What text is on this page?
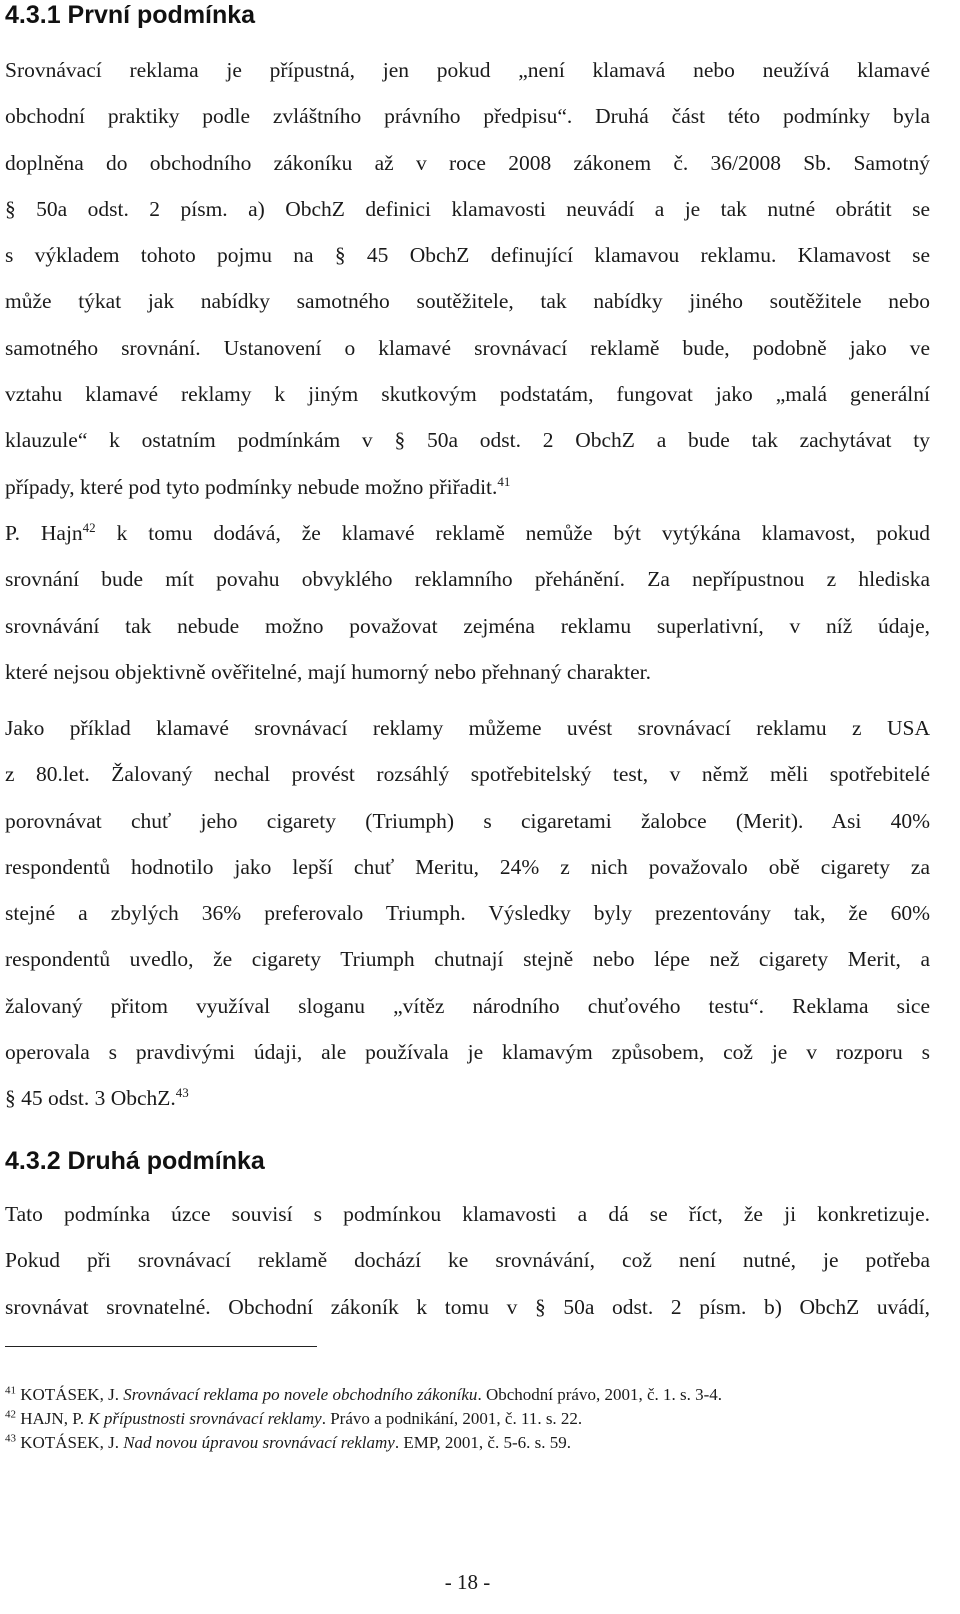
4.3.1 První podmínka
Srovnávací reklama je přípustná, jen pokud „není klamavá nebo neužívá klamavé
obchodní praktiky podle zvláštního právního předpisu“. Druhá část této podmínky byla
doplněna do obchodního zákoníku až v roce 2008 zákonem č. 36/2008 Sb. Samotný
§ 50a odst. 2 písm. a) ObchZ definici klamavosti neuvádí a je tak nutné obrátit se
s výkladem tohoto pojmu na § 45 ObchZ definující klamavou reklamu. Klamavost se
může týkat jak nabídky samotného soutěžitele, tak nabídky jiného soutěžitele nebo
samotného srovnání. Ustanovení o klamavé srovnávací reklamě bude, podobně jako ve
vztahu klamavé reklamy k jiným skutkovým podstatám, fungovat jako „malá generální
klauzule“ k ostatním podmínkám v § 50a odst. 2 ObchZ a bude tak zachytávat ty
případy, které pod tyto podmínky nebude možno přiřadit.$^{41}$
P. Hajn$^{42}$ k tomu dodává, že klamavé reklamě nemůže být vytýkána klamavost, pokud
srovnání bude mít povahu obvyklého reklamního přehánění. Za nepřípustnou z hlediska
srovnávání tak nebude možno považovat zejména reklamu superlativní, v níž údaje,
které nejsou objektivně ověřitelné, mají humorný nebo přehnaný charakter.
Jako příklad klamavé srovnávací reklamy můžeme uvést srovnávací reklamu z USA
z 80.let. Žalovaný nechal provést rozsáhlý spotřebitelský test, v němž měli spotřebitelé
porovnávat chuť jeho cigarety (Triumph) s cigaretami žalobce (Merit). Asi 40%
respondentů hodnotilo jako lepší chuť Meritu, 24% z nich považovalo obě cigarety za
stejné a zbylých 36% preferovalo Triumph. Výsledky byly prezentovány tak, že 60%
respondentů uvedlo, že cigarety Triumph chutnají stejně nebo lépe než cigarety Merit, a
žalovaný přitom využíval sloganu „vítěz národního chuťového testu“. Reklama sice
operovala s pravdivými údaji, ale používala je klamavým způsobem, což je v rozporu s
§ 45 odst. 3 ObchZ.$^{43}$
4.3.2 Druhá podmínka
Tato podmínka úzce souvisí s podmínkou klamavosti a dá se říct, že ji konkretizuje.
Pokud při srovnávací reklamě dochází ke srovnávání, což není nutné, je potřeba
srovnávat srovnatelné. Obchodní zákoník k tomu v § 50a odst. 2 písm. b) ObchZ uvádí,

$^{41}$ KOTÁSEK, J. Srovnávací reklama po novele obchodního zákoníku. Obchodní právo, 2001, č. 1. s. 3-4.

$^{42}$ HAJN, P. K přípustnosti srovnávací reklamy. Právo a podnikání, 2001, č. 11. s. 22.

$^{43}$ KOTÁSEK, J. Nad novou úpravou srovnávací reklamy. EMP, 2001, č. 5-6. s. 59.

- 18 -
